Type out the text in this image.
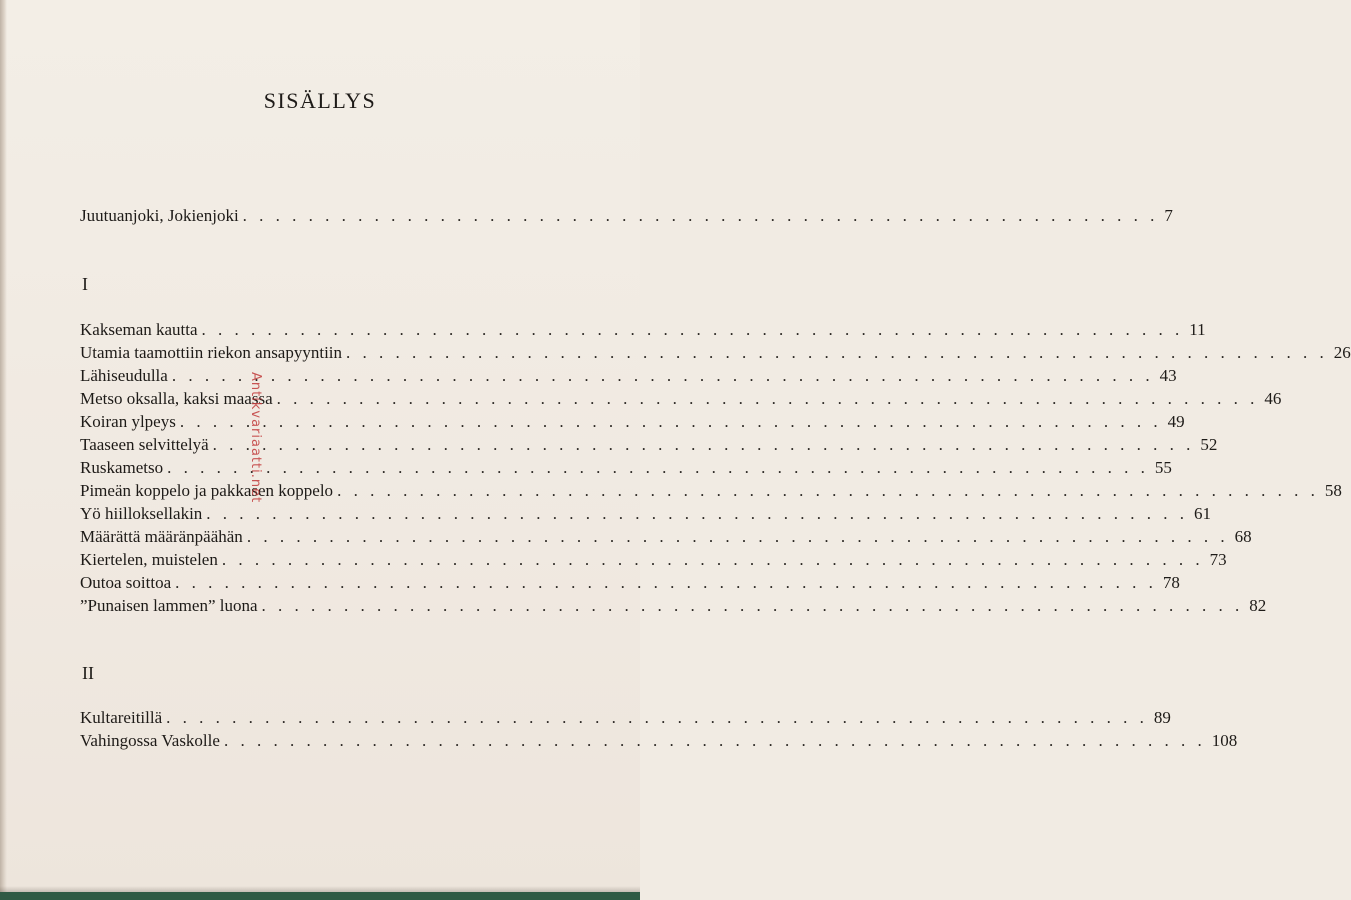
SISÄLLYS
Juutuanjoki, Jokienjoki . . . . . . . . . . . . . . . . . . . . . . . . . . . . . . . . . . . . . . . . . . . . . . . . . . . . . . . . 7
I
Kakseman kautta . . . . . . . . . . . . . . . . . . . . . . . . . . . . . . . . . . . . . . . . . . . . . . . . . . . . . . . . . . . . 11
Utamia taamottiin riekon ansapyyntiin . . . . . . . . . . . . . . . . . . . . . . . . . . . . . . . . . . . . . . . . . . . . . . . . . . . . . . . . . . . . 26
Lähiseudulla . . . . . . . . . . . . . . . . . . . . . . . . . . . . . . . . . . . . . . . . . . . . . . . . . . . . . . . . . . . . 43
Metso oksalla, kaksi maassa . . . . . . . . . . . . . . . . . . . . . . . . . . . . . . . . . . . . . . . . . . . . . . . . . . . . . . . . . . . . 46
Koiran ylpeys . . . . . . . . . . . . . . . . . . . . . . . . . . . . . . . . . . . . . . . . . . . . . . . . . . . . . . . . . . . . 49
Taaseen selvittelyä . . . . . . . . . . . . . . . . . . . . . . . . . . . . . . . . . . . . . . . . . . . . . . . . . . . . . . . . . . . . 52
Ruskametso . . . . . . . . . . . . . . . . . . . . . . . . . . . . . . . . . . . . . . . . . . . . . . . . . . . . . . . . . . . . 55
Pimeän koppelo ja pakkasen koppelo . . . . . . . . . . . . . . . . . . . . . . . . . . . . . . . . . . . . . . . . . . . . . . . . . . . . . . . . . . . . 58
Yö hiilloksellakin . . . . . . . . . . . . . . . . . . . . . . . . . . . . . . . . . . . . . . . . . . . . . . . . . . . . . . . . . . . . 61
Määrättä määränpäähän . . . . . . . . . . . . . . . . . . . . . . . . . . . . . . . . . . . . . . . . . . . . . . . . . . . . . . . . . . . . 68
Kiertelen, muistelen . . . . . . . . . . . . . . . . . . . . . . . . . . . . . . . . . . . . . . . . . . . . . . . . . . . . . . . . . . . . 73
Outoa soittoa . . . . . . . . . . . . . . . . . . . . . . . . . . . . . . . . . . . . . . . . . . . . . . . . . . . . . . . . . . . . 78
”Punaisen lammen” luona . . . . . . . . . . . . . . . . . . . . . . . . . . . . . . . . . . . . . . . . . . . . . . . . . . . . . . . . . . . . 82
II
Kultareitillä . . . . . . . . . . . . . . . . . . . . . . . . . . . . . . . . . . . . . . . . . . . . . . . . . . . . . . . . . . . . 89
Vahingossa Vaskolle . . . . . . . . . . . . . . . . . . . . . . . . . . . . . . . . . . . . . . . . . . . . . . . . . . . . . . . . . . . . 108
Antikvariaatti.net
